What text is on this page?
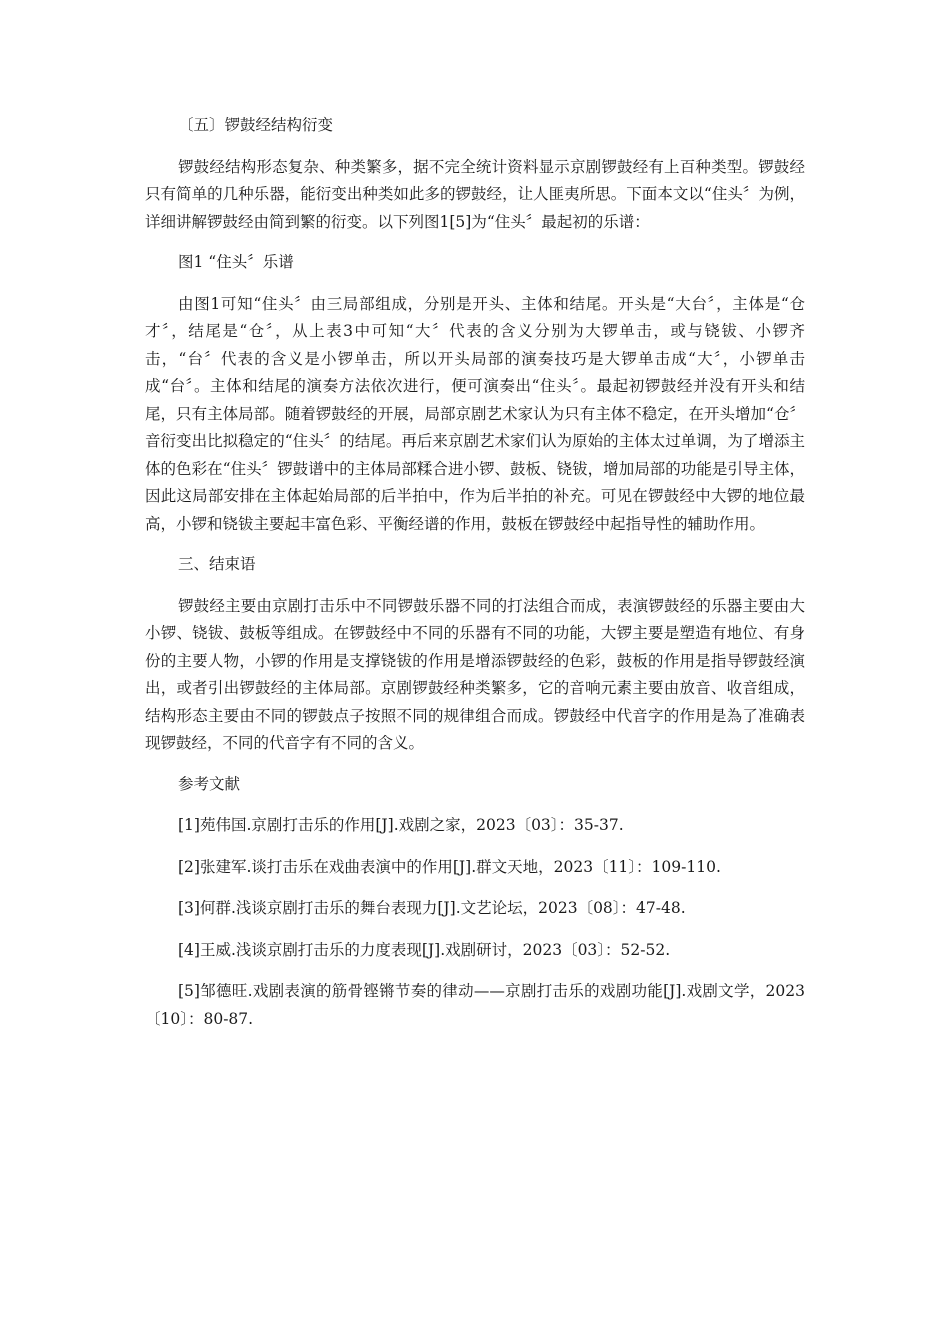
〔五〕锣鼓经结构衍变

锣鼓经结构形态复杂、种类繁多，据不完全统计资料显示京剧锣鼓经有上百种类型。锣鼓经只有简单的几种乐器，能衍变出种类如此多的锣鼓经，让人匪夷所思。下面本文以“住头〞为例，详细讲解锣鼓经由简到繁的衍变。以下列图1[5]为“住头〞最起初的乐谱：

图1 “住头〞乐谱

由图1可知“住头〞由三局部组成，分别是开头、主体和结尾。开头是“大台〞，主体是“仓才〞，结尾是“仓〞，从上表3中可知“大〞代表的含义分别为大锣单击，或与铙钹、小锣齐击，“台〞代表的含义是小锣单击，所以开头局部的演奏技巧是大锣单击成“大〞，小锣单击成“台〞。主体和结尾的演奏方法依次进行，便可演奏出“住头〞。最起初锣鼓经并没有开头和结尾，只有主体局部。随着锣鼓经的开展，局部京剧艺术家认为只有主体不稳定，在开头增加“仓〞音衍变出比拟稳定的“住头〞的结尾。再后来京剧艺术家们认为原始的主体太过单调，为了增添主体的色彩在“住头〞锣鼓谱中的主体局部糅合进小锣、鼓板、铙钹，增加局部的功能是引导主体，因此这局部安排在主体起始局部的后半拍中，作为后半拍的补充。可见在锣鼓经中大锣的地位最高，小锣和铙钹主要起丰富色彩、平衡经谱的作用，鼓板在锣鼓经中起指导性的辅助作用。

三、结束语

锣鼓经主要由京剧打击乐中不同锣鼓乐器不同的打法组合而成，表演锣鼓经的乐器主要由大小锣、铙钹、鼓板等组成。在锣鼓经中不同的乐器有不同的功能，大锣主要是塑造有地位、有身份的主要人物，小锣的作用是支撑铙钹的作用是增添锣鼓经的色彩，鼓板的作用是指导锣鼓经演出，或者引出锣鼓经的主体局部。京剧锣鼓经种类繁多，它的音响元素主要由放音、收音组成，结构形态主要由不同的锣鼓点子按照不同的规律组合而成。锣鼓经中代音字的作用是為了准确表现锣鼓经，不同的代音字有不同的含义。

参考文献

[1]苑伟国.京剧打击乐的作用[J].戏剧之家，2023〔03〕：35-37.

[2]张建军.谈打击乐在戏曲表演中的作用[J].群文天地，2023〔11〕：109-110.

[3]何群.浅谈京剧打击乐的舞台表现力[J].文艺论坛，2023〔08〕：47-48.

[4]王威.浅谈京剧打击乐的力度表现[J].戏剧研讨，2023〔03〕：52-52.

[5]邹德旺.戏剧表演的筋骨铿锵节奏的律动——京剧打击乐的戏剧功能[J].戏剧文学，2023〔10〕：80-87.
